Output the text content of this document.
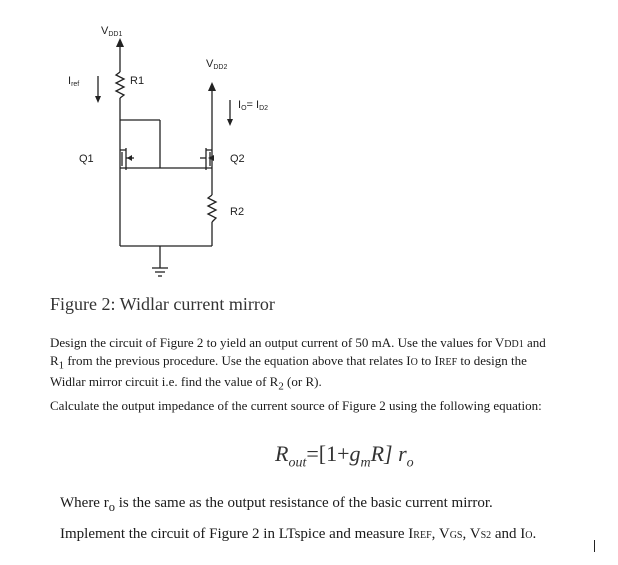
VDD1
VDD2
Iref	R1
IO= ID2
Q1	Q2
R2
Figure 2: Widlar current mirror
Design the circuit of Figure 2 to yield an output current of 50 mA. Use the values for VDD1 and
$R_1$ from the previous procedure. Use the equation above that relates IO to IREF to design the
Widlar mirror circuit i.e. find the value of $R_2$ (or R).
Calculate the output impedance of the current source of Figure 2 using the following equation:
$R_{out}=[1+g_mR]$ $r_o$
Where $r_o$ is the same as the output resistance of the basic current mirror.
Implement the circuit of Figure 2 in LTspice and measure IREF, VGS, VS2 and IO.
